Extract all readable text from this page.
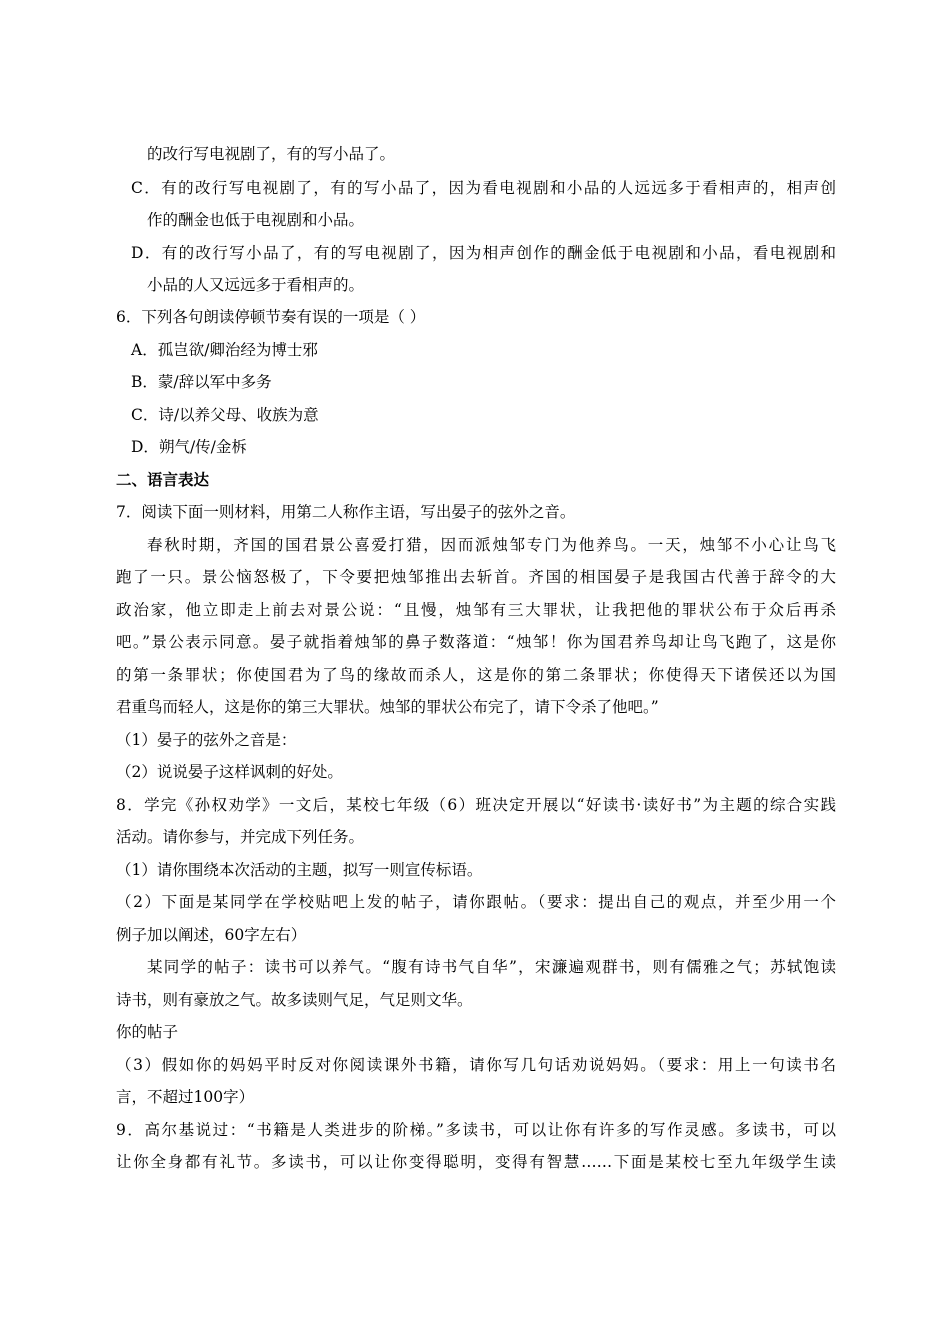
的改行写电视剧了，有的写小品了。
C．有的改行写电视剧了，有的写小品了，因为看电视剧和小品的人远远多于看相声的，相声创
作的酬金也低于电视剧和小品。
D．有的改行写小品了，有的写电视剧了，因为相声创作的酬金低于电视剧和小品，看电视剧和
小品的人又远远多于看相声的。
6．下列各句朗读停顿节奏有误的一项是（ ）
A．孤岂欲/卿治经为博士邪
B．蒙/辞以军中多务
C．诗/以养父母、收族为意
D．朔气/传/金柝
二、语言表达
7．阅读下面一则材料，用第二人称作主语，写出晏子的弦外之音。
春秋时期，齐国的国君景公喜爱打猎，因而派烛邹专门为他养鸟。一天，烛邹不小心让鸟飞
跑了一只。景公恼怒极了，下令要把烛邹推出去斩首。齐国的相国晏子是我国古代善于辞令的大
政治家，他立即走上前去对景公说：“且慢，烛邹有三大罪状，让我把他的罪状公布于众后再杀
吧。”景公表示同意。晏子就指着烛邹的鼻子数落道：“烛邹！你为国君养鸟却让鸟飞跑了，这是你
的第一条罪状；你使国君为了鸟的缘故而杀人，这是你的第二条罪状；你使得天下诸侯还以为国
君重鸟而轻人，这是你的第三大罪状。烛邹的罪状公布完了，请下令杀了他吧。”
（1）晏子的弦外之音是：
（2）说说晏子这样讽刺的好处。
8．学完《孙权劝学》一文后，某校七年级（6）班决定开展以“好读书·读好书”为主题的综合实践
活动。请你参与，并完成下列任务。
（1）请你围绕本次活动的主题，拟写一则宣传标语。
（2）下面是某同学在学校贴吧上发的帖子，请你跟帖。（要求：提出自己的观点，并至少用一个
例子加以阐述，60字左右）
某同学的帖子：读书可以养气。“腹有诗书气自华”，宋濂遍观群书，则有儒雅之气；苏轼饱读
诗书，则有豪放之气。故多读则气足，气足则文华。
你的帖子
（3）假如你的妈妈平时反对你阅读课外书籍，请你写几句话劝说妈妈。（要求：用上一句读书名
言，不超过100字）
9．高尔基说过：“书籍是人类进步的阶梯。”多读书，可以让你有许多的写作灵感。多读书，可以
让你全身都有礼节。多读书，可以让你变得聪明，变得有智慧……下面是某校七至九年级学生读
